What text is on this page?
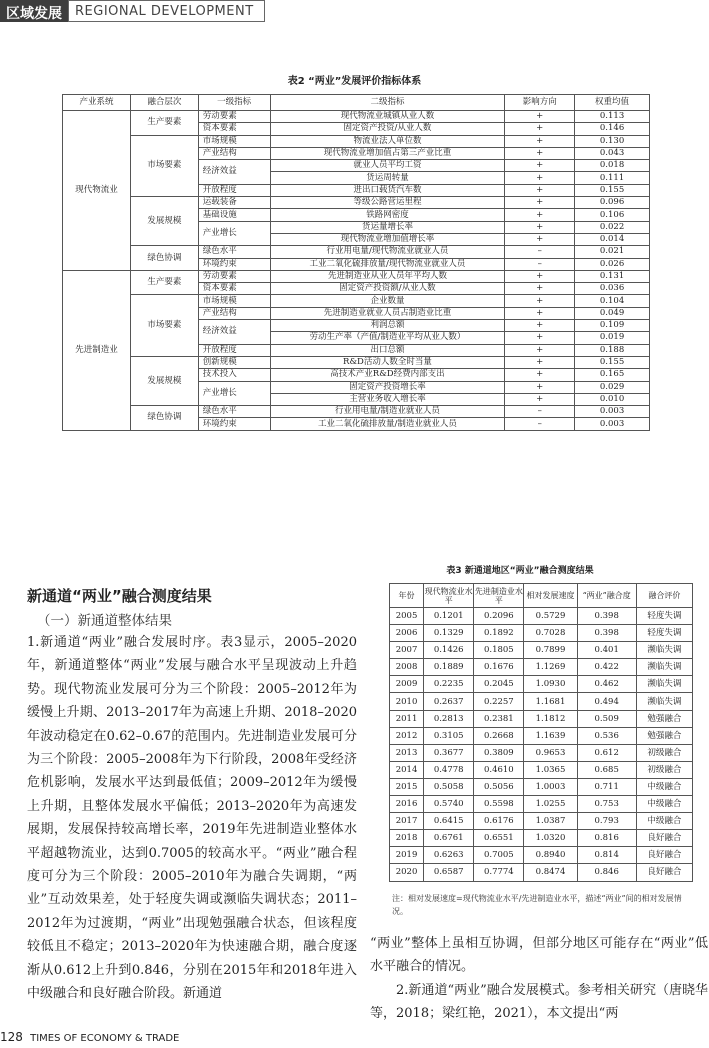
区域发展	REGIONAL DEVELOPMENT
表2 “两业”发展评价指标体系
产业系统	融合层次	一级指标	二级指标	影响方向	权重均值
现代物流业	生产要素	劳动要素	现代物流业城镇从业人数	+	0.113
		资本要素	固定资产投资/从业人数	+	0.146
	市场要素	市场规模	物流业法人单位数	+	0.130
		产业结构	现代物流业增加值占第三产业比重	+	0.043
		经济效益	就业人员平均工资	+	0.018
			货运周转量	+	0.111
		开放程度	进出口载货汽车数	+	0.155
	发展规模	运载装备	等级公路营运里程	+	0.096
		基础设施	铁路网密度	+	0.106
		产业增长	货运量增长率	+	0.022
			现代物流业增加值增长率	+	0.014
	绿色协调	绿色水平	行业用电量/现代物流业就业人员	–	0.021
		环境约束	工业二氧化硫排放量/现代物流业就业人员	–	0.026
先进制造业	生产要素	劳动要素	先进制造业从业人员年平均人数	+	0.131
		资本要素	固定资产投资额/从业人数	+	0.036
	市场要素	市场规模	企业数量	+	0.104
		产业结构	先进制造业就业人员占制造业比重	+	0.049
		经济效益	利润总额	+	0.109
			劳动生产率（产值/制造业平均从业人数）	+	0.019
		开放程度	出口总额	+	0.188
	发展规模	创新规模	R&D活动人数全时当量	+	0.155
		技术投入	高技术产业R&D经费内部支出	+	0.165
		产业增长	固定资产投资增长率	+	0.029
			主营业务收入增长率	+	0.010
	绿色协调	绿色水平	行业用电量/制造业就业人员	–	0.003
		环境约束	工业二氧化硫排放量/制造业就业人员	–	0.003
新通道“两业”融合测度结果
（一）新通道整体结果
1.新通道“两业”融合发展时序。表3显示，2005–2020年，新通道整体“两业”发展与融合水平呈现波动上升趋势。现代物流业发展可分为三个阶段：2005–2012年为缓慢上升期、2013–2017年为高速上升期、2018–2020年波动稳定在0.62–0.67的范围内。先进制造业发展可分为三个阶段：2005–2008年为下行阶段，2008年受经济危机影响，发展水平达到最低值；2009–2012年为缓慢上升期，且整体发展水平偏低；2013–2020年为高速发展期，发展保持较高增长率，2019年先进制造业整体水平超越物流业，达到0.7005的较高水平。“两业”融合程度可分为三个阶段：2005–2010年为融合失调期，“两业”互动效果差，处于轻度失调或濒临失调状态；2011–2012年为过渡期，“两业”出现勉强融合状态，但该程度较低且不稳定；2013–2020年为快速融合期，融合度逐渐从0.612上升到0.846，分别在2015年和2018年进入中级融合和良好融合阶段。新通道
表3 新通道地区“两业”融合测度结果
年份	现代物流业水平	先进制造业水平	相对发展速度	“两业”融合度	融合评价
2005	0.1201	0.2096	0.5729	0.398	轻度失调
2006	0.1329	0.1892	0.7028	0.398	轻度失调
2007	0.1426	0.1805	0.7899	0.401	濒临失调
2008	0.1889	0.1676	1.1269	0.422	濒临失调
2009	0.2235	0.2045	1.0930	0.462	濒临失调
2010	0.2637	0.2257	1.1681	0.494	濒临失调
2011	0.2813	0.2381	1.1812	0.509	勉强融合
2012	0.3105	0.2668	1.1639	0.536	勉强融合
2013	0.3677	0.3809	0.9653	0.612	初级融合
2014	0.4778	0.4610	1.0365	0.685	初级融合
2015	0.5058	0.5056	1.0003	0.711	中级融合
2016	0.5740	0.5598	1.0255	0.753	中级融合
2017	0.6415	0.6176	1.0387	0.793	中级融合
2018	0.6761	0.6551	1.0320	0.816	良好融合
2019	0.6263	0.7005	0.8940	0.814	良好融合
2020	0.6587	0.7774	0.8474	0.846	良好融合
注：相对发展速度=现代物流业水平/先进制造业水平，描述“两业”间的相对发展情况。

“两业”整体上虽相互协调，但部分地区可能存在“两业”低水平融合的情况。

2.新通道“两业”融合发展模式。参考相关研究（唐晓华等，2018；梁红艳，2021），本文提出“两

128 TIMES OF ECONOMY & TRADE
